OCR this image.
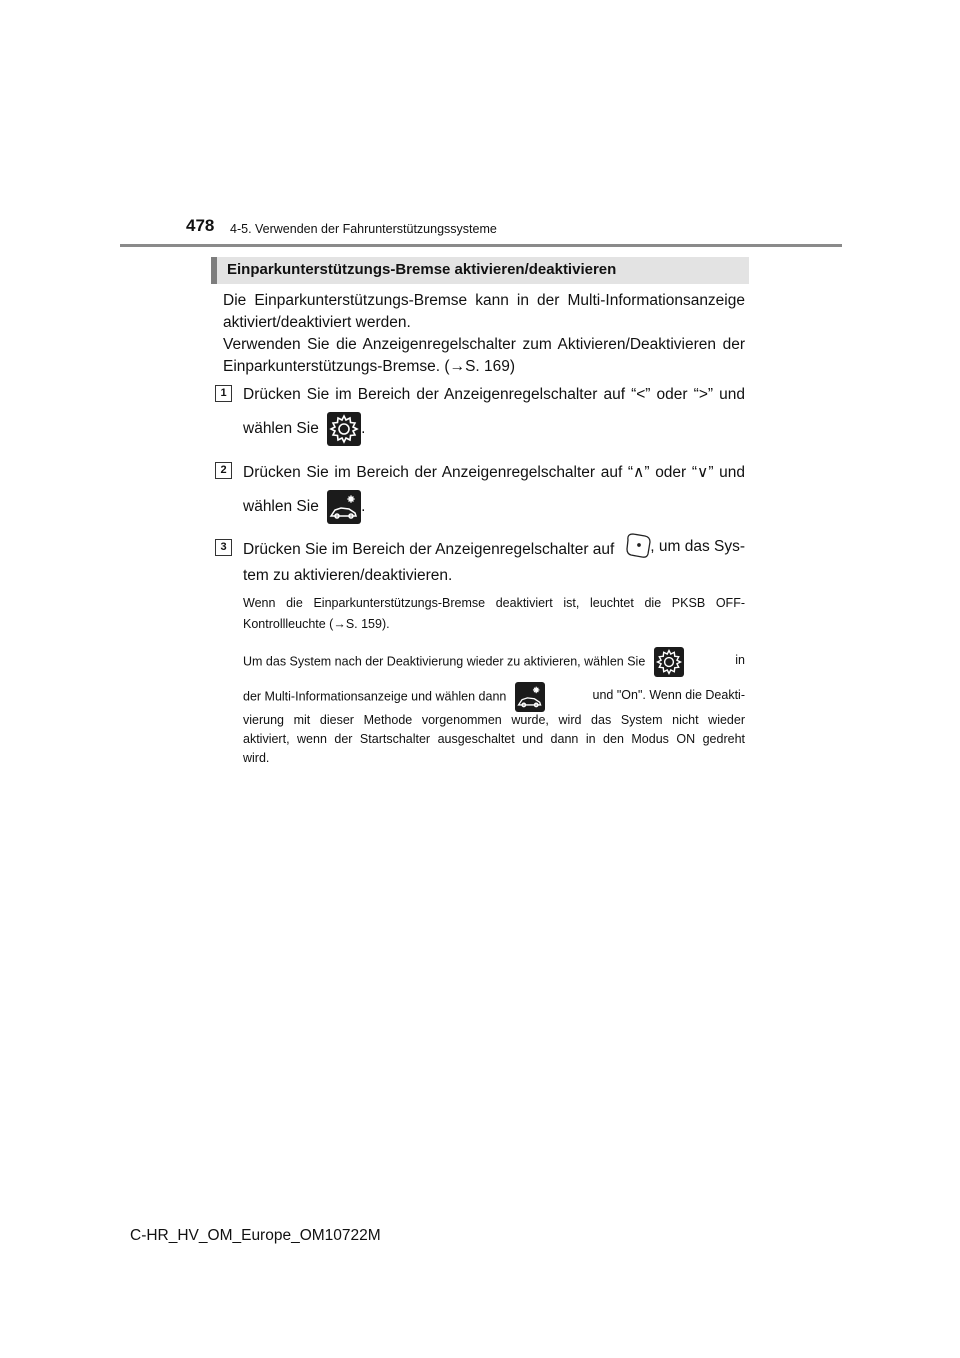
478 4-5. Verwenden der Fahrunterstützungssysteme
Einparkunterstützungs-Bremse aktivieren/deaktivieren

Die Einparkunterstützungs-Bremse kann in der Multi-Informationsanzeige

aktiviert/deaktiviert werden.

Verwenden Sie die Anzeigenregelschalter zum Aktivieren/Deaktivieren der

Einparkunterstützungs-Bremse. (→S. 169)

1	Drücken Sie im Bereich der Anzeigenregelschalter auf “<” oder “>” und
wählen Sie	.
2	Drücken Sie im Bereich der Anzeigenregelschalter auf “∧” oder “∨” und
wählen Sie	.
3	Drücken Sie im Bereich der Anzeigenregelschalter auf	, um das Sys-
tem zu aktivieren/deaktivieren.
Wenn die Einparkunterstützungs-Bremse deaktiviert ist, leuchtet die PKSB OFF-
Kontrollleuchte (→S. 159).
Um das System nach der Deaktivierung wieder zu aktivieren, wählen Sie	in
der Multi-Informationsanzeige und wählen dann	und "On". Wenn die Deakti-
vierung mit dieser Methode vorgenommen wurde, wird das System nicht wieder
aktiviert, wenn der Startschalter ausgeschaltet und dann in den Modus ON gedreht
wird.
C-HR_HV_OM_Europe_OM10722M
